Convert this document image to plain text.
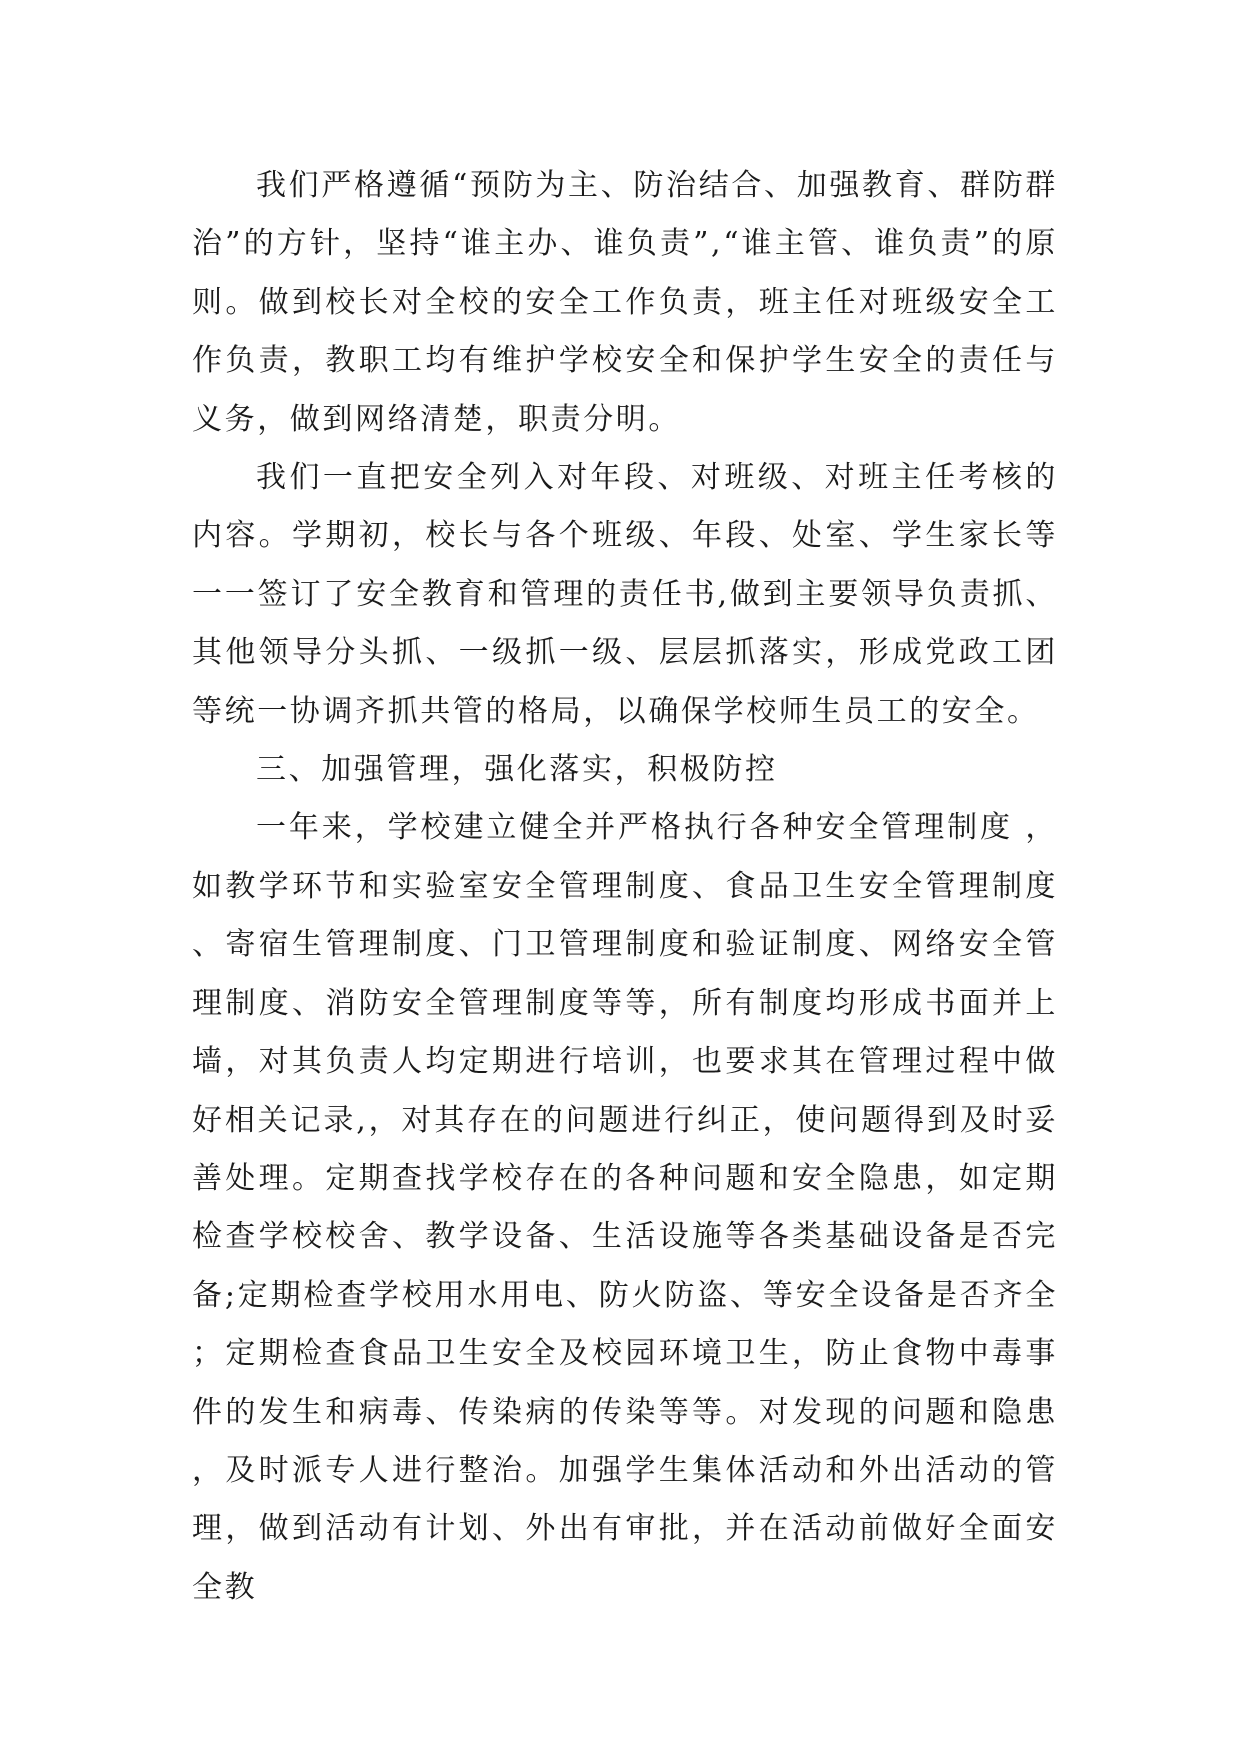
我们严格遵循“预防为主、防治结合、加强教育、群防群治”的方针，坚持“谁主办、谁负责”,“谁主管、谁负责”的原则。做到校长对全校的安全工作负责，班主任对班级安全工作负责，教职工均有维护学校安全和保护学生安全的责任与义务，做到网络清楚，职责分明。

我们一直把安全列入对年段、对班级、对班主任考核的内容。学期初，校长与各个班级、年段、处室、学生家长等一一签订了安全教育和管理的责任书,做到主要领导负责抓、其他领导分头抓、一级抓一级、层层抓落实，形成党政工团等统一协调齐抓共管的格局，以确保学校师生员工的安全。

三、加强管理，强化落实，积极防控

一年来，学校建立健全并严格执行各种安全管理制度 ，如教学环节和实验室安全管理制度、食品卫生安全管理制度、寄宿生管理制度、门卫管理制度和验证制度、网络安全管理制度、消防安全管理制度等等，所有制度均形成书面并上墙，对其负责人均定期进行培训，也要求其在管理过程中做好相关记录,，对其存在的问题进行纠正，使问题得到及时妥善处理。定期查找学校存在的各种问题和安全隐患，如定期检查学校校舍、教学设备、生活设施等各类基础设备是否完备;定期检查学校用水用电、防火防盗、等安全设备是否齐全；定期检查食品卫生安全及校园环境卫生，防止食物中毒事件的发生和病毒、传染病的传染等等。对发现的问题和隐患，及时派专人进行整治。加强学生集体活动和外出活动的管理，做到活动有计划、外出有审批，并在活动前做好全面安全教
